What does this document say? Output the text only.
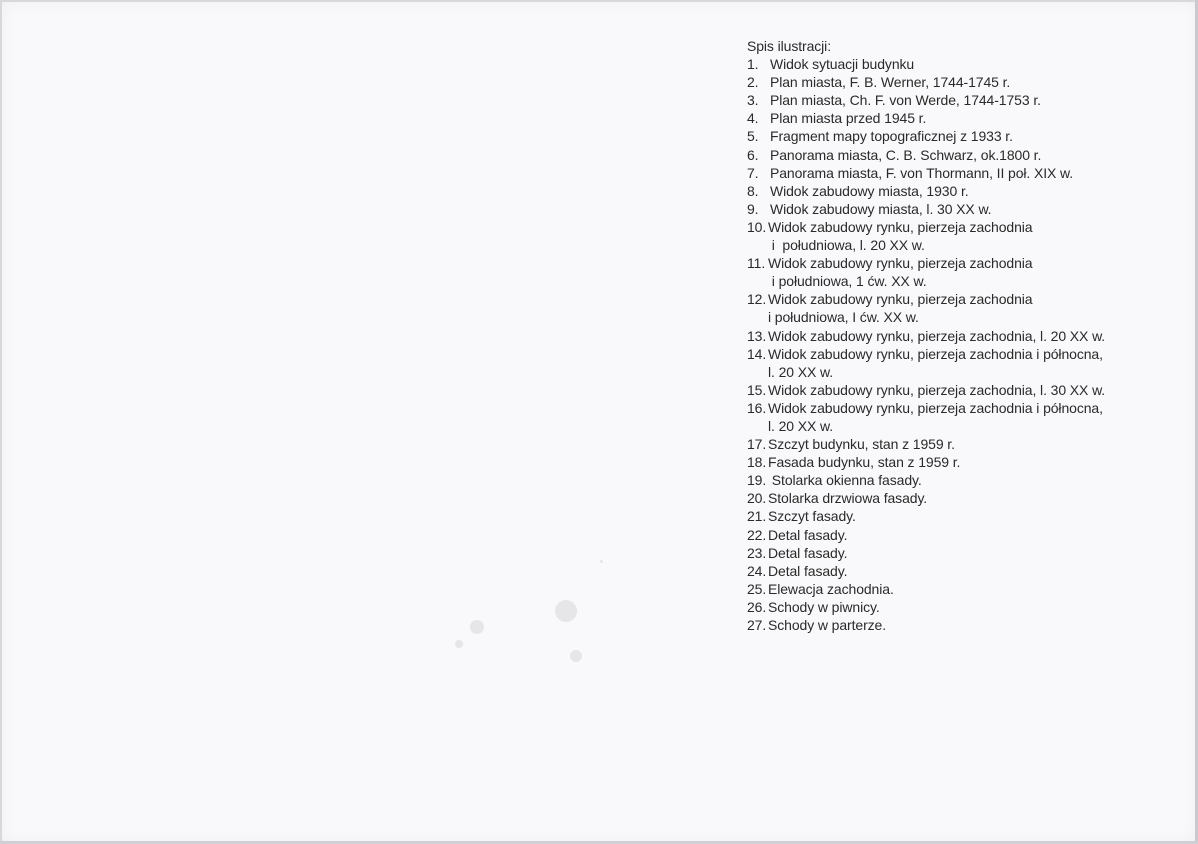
Spis ilustracji:
1. Widok sytuacji budynku
2. Plan miasta, F. B. Werner, 1744-1745 r.
3. Plan miasta, Ch. F. von Werde, 1744-1753 r.
4. Plan miasta przed 1945 r.
5. Fragment mapy topograficznej z 1933 r.
6. Panorama miasta, C. B. Schwarz, ok.1800 r.
7. Panorama miasta, F. von Thormann, II poł. XIX w.
8. Widok zabudowy miasta, 1930 r.
9. Widok zabudowy miasta, l. 30 XX w.
10. Widok zabudowy rynku, pierzeja zachodnia
i  południowa, l. 20 XX w.
11. Widok zabudowy rynku, pierzeja zachodnia
i południowa, 1 ćw. XX w.
12. Widok zabudowy rynku, pierzeja zachodnia
i południowa, I ćw. XX w.
13. Widok zabudowy rynku, pierzeja zachodnia, l. 20 XX w.
14. Widok zabudowy rynku, pierzeja zachodnia i północna,
l. 20 XX w.
15. Widok zabudowy rynku, pierzeja zachodnia, l. 30 XX w.
16. Widok zabudowy rynku, pierzeja zachodnia i północna,
l. 20 XX w.
17. Szczyt budynku, stan z 1959 r.
18. Fasada budynku, stan z 1959 r.
19. Stolarka okienna fasady.
20. Stolarka drzwiowa fasady.
21. Szczyt fasady.
22. Detal fasady.
23. Detal fasady.
24. Detal fasady.
25. Elewacja zachodnia.
26. Schody w piwnicy.
27. Schody w parterze.
